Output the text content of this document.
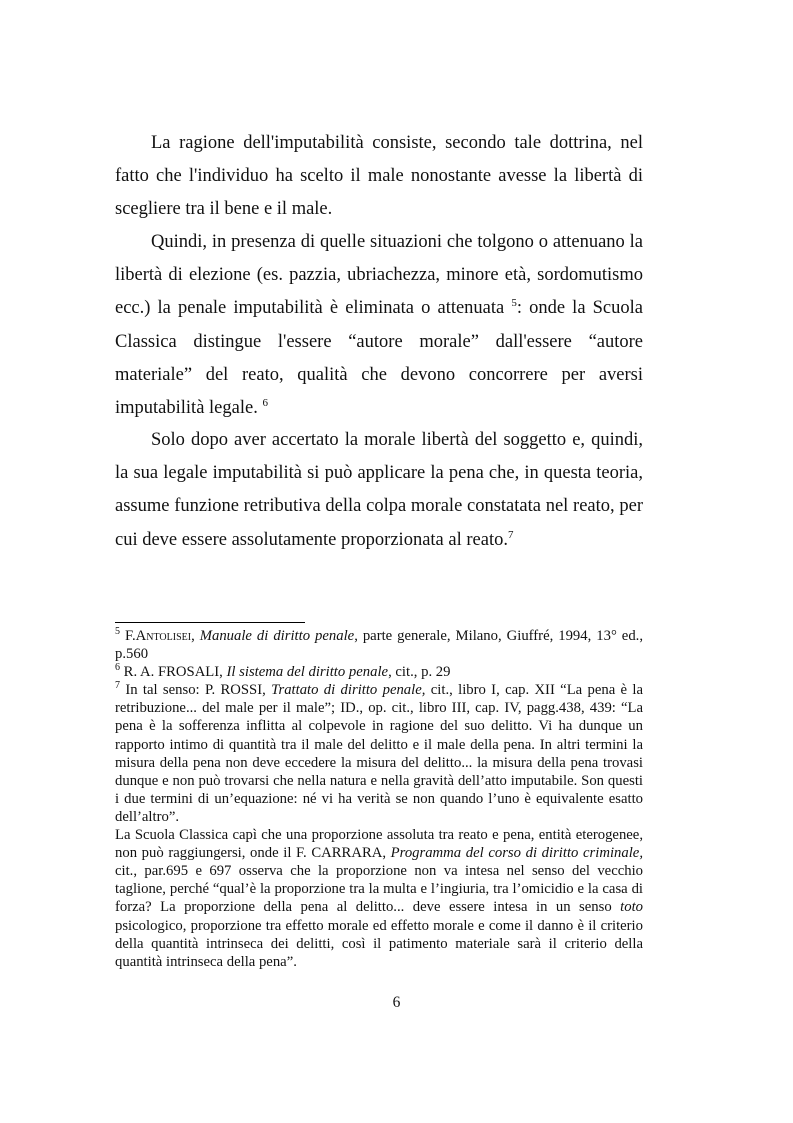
La ragione dell'imputabilità consiste, secondo tale dottrina, nel fatto che l'individuo ha scelto il male nonostante avesse la libertà di scegliere tra il bene e il male.

Quindi, in presenza di quelle situazioni che tolgono o attenuano la libertà di elezione (es. pazzia, ubriachezza, minore età, sordomutismo ecc.) la penale imputabilità è eliminata o attenuata $^5$: onde la Scuola Classica distingue l'essere “autore morale” dall'essere “autore materiale” del reato, qualità che devono concorrere per aversi imputabilità legale. $^6$

Solo dopo aver accertato la morale libertà del soggetto e, quindi, la sua legale imputabilità si può applicare la pena che, in questa teoria, assume funzione retributiva della colpa morale constatata nel reato, per cui deve essere assolutamente proporzionata al reato.$^7$

$^5$ F.Antolisei, Manuale di diritto penale, parte generale, Milano, Giuffré, 1994, 13° ed., p.560

$^6$ R. A. FROSALI, Il sistema del diritto penale, cit., p. 29

$^7$ In tal senso: P. ROSSI, Trattato di diritto penale, cit., libro I, cap. XII “La pena è la retribuzione... del male per il male”; ID., op. cit., libro III, cap. IV, pagg.438, 439: “La pena è la sofferenza inflitta al colpevole in ragione del suo delitto. Vi ha dunque un rapporto intimo di quantità tra il male del delitto e il male della pena. In altri termini la misura della pena non deve eccedere la misura del delitto... la misura della pena trovasi dunque e non può trovarsi che nella natura e nella gravità dell’atto imputabile. Son questi i due termini di un’equazione: né vi ha verità se non quando l’uno è equivalente esatto dell’altro”.

La Scuola Classica capì che una proporzione assoluta tra reato e pena, entità eterogenee, non può raggiungersi, onde il F. CARRARA, Programma del corso di diritto criminale, cit., par.695 e 697 osserva che la proporzione non va intesa nel senso del vecchio taglione, perché “qual’è la proporzione tra la multa e l’ingiuria, tra l’omicidio e la casa di forza? La proporzione della pena al delitto... deve essere intesa in un senso toto psicologico, proporzione tra effetto morale ed effetto morale e come il danno è il criterio della quantità intrinseca dei delitti, così il patimento materiale sarà il criterio della quantità intrinseca della pena”.

6
